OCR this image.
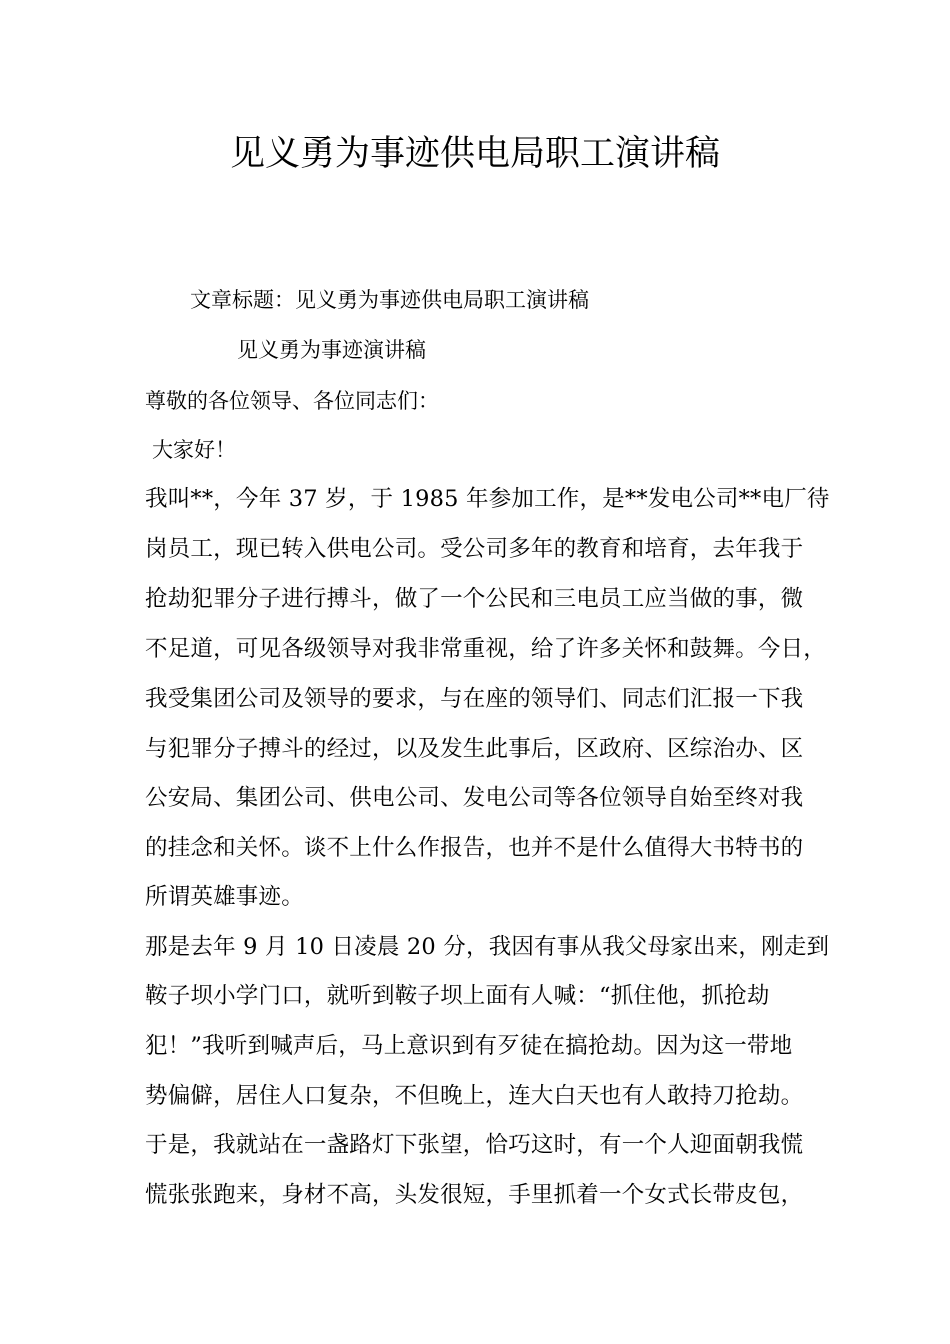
见义勇为事迹供电局职工演讲稿
文章标题：见义勇为事迹供电局职工演讲稿
见义勇为事迹演讲稿
尊敬的各位领导、各位同志们：
大家好！
我叫**，今年 37 岁，于 1985 年参加工作，是**发电公司**电厂待
岗员工，现已转入供电公司。受公司多年的教育和培育，去年我于
抢劫犯罪分子进行搏斗，做了一个公民和三电员工应当做的事，微
不足道，可见各级领导对我非常重视，给了许多关怀和鼓舞。今日，
我受集团公司及领导的要求，与在座的领导们、同志们汇报一下我
与犯罪分子搏斗的经过，以及发生此事后，区政府、区综治办、区
公安局、集团公司、供电公司、发电公司等各位领导自始至终对我
的挂念和关怀。谈不上什么作报告，也并不是什么值得大书特书的
所谓英雄事迹。
那是去年 9 月 10 日凌晨 20 分，我因有事从我父母家出来，刚走到
鞍子坝小学门口，就听到鞍子坝上面有人喊：“抓住他，抓抢劫
犯！”我听到喊声后，马上意识到有歹徒在搞抢劫。因为这一带地
势偏僻，居住人口复杂，不但晚上，连大白天也有人敢持刀抢劫。
于是，我就站在一盏路灯下张望，恰巧这时，有一个人迎面朝我慌
慌张张跑来，身材不高，头发很短，手里抓着一个女式长带皮包，
